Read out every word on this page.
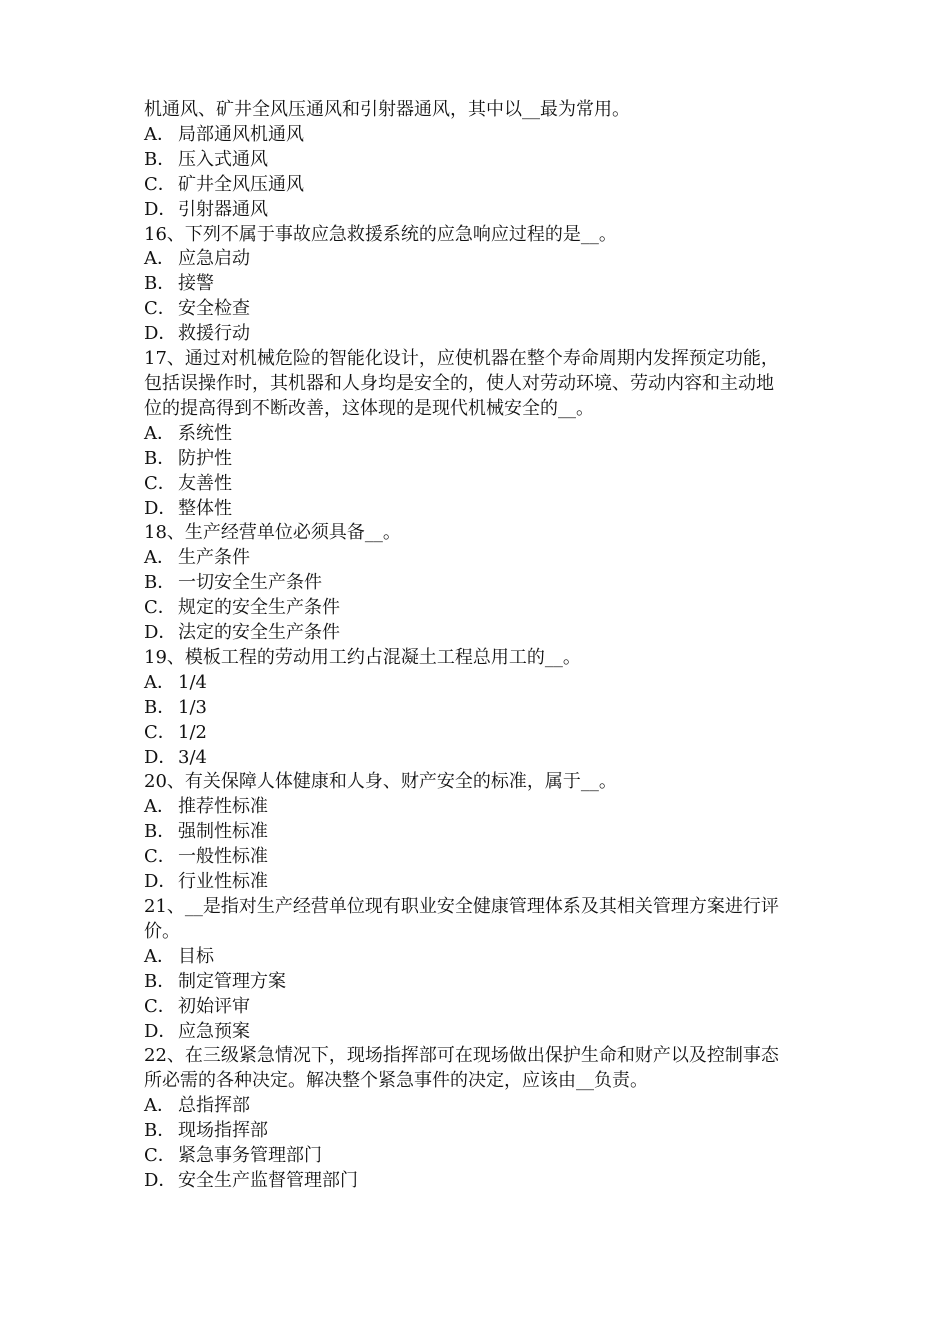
机通风、矿井全风压通风和引射器通风，其中以__最为常用。

A． 局部通风机通风
B． 压入式通风
C． 矿井全风压通风
D．引射器通风

16、下列不属于事故应急救援系统的应急响应过程的是__。

A． 应急启动
B． 接警
C． 安全检查
D．救援行动

17、通过对机械危险的智能化设计，应使机器在整个寿命周期内发挥预定功能，

包括误操作时，其机器和人身均是安全的，使人对劳动环境、劳动内容和主动地

位的提高得到不断改善，这体现的是现代机械安全的__。

A． 系统性
B． 防护性
C． 友善性
D．整体性

18、生产经营单位必须具备__。

A． 生产条件
B． 一切安全生产条件
C． 规定的安全生产条件
D．法定的安全生产条件

19、模板工程的劳动用工约占混凝土工程总用工的__。

A． 1/4
B． 1/3
C． 1/2
D．3/4

20、有关保障人体健康和人身、财产安全的标准，属于__。

A． 推荐性标准
B． 强制性标准
C． 一般性标准
D．行业性标准

21、__是指对生产经营单位现有职业安全健康管理体系及其相关管理方案进行评

价。

A． 目标
B． 制定管理方案
C． 初始评审
D．应急预案

22、在三级紧急情况下，现场指挥部可在现场做出保护生命和财产以及控制事态

所必需的各种决定。解决整个紧急事件的决定，应该由__负责。

A． 总指挥部
B． 现场指挥部
C． 紧急事务管理部门
D．安全生产监督管理部门
